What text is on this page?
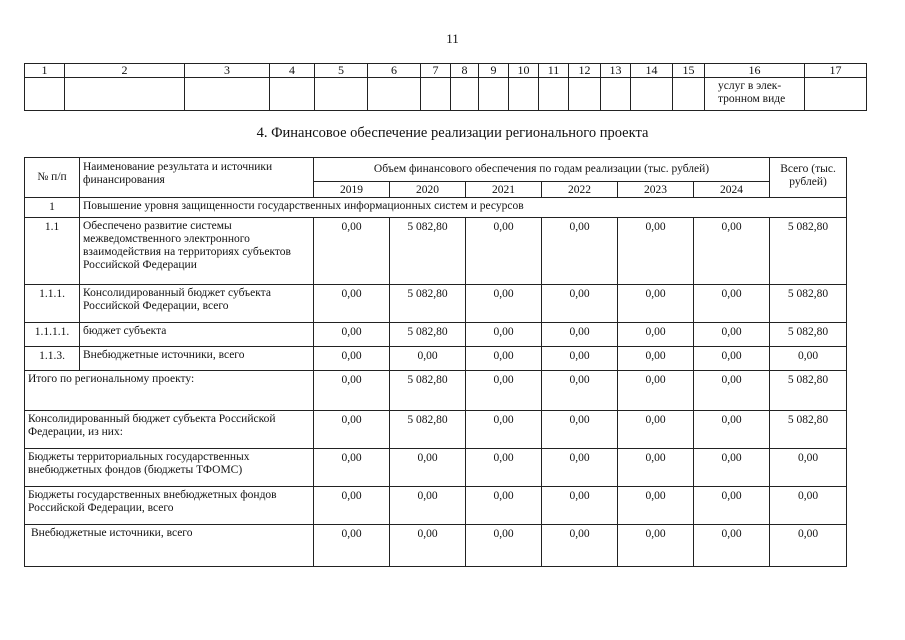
11
1	2	3	4	5	6	7	8	9	10	11	12	13	14	15	16	17
															услуг в элек-
тронном виде	
4. Финансовое обеспечение реализации регионального проекта
№ п/п	Наименование результата и источники финансирования	Объем финансового обеспечения по годам реализации (тыс. рублей)						Всего (тыс. рублей)
		2019	2020	2021	2022	2023	2024	
1	Повышение уровня защищенности государственных информационных систем и ресурсов							
1.1	Обеспечено развитие системы межведомственного электронного взаимодействия на территориях субъектов Российской Федерации	0,00	5 082,80	0,00	0,00	0,00	0,00	5 082,80
1.1.1.	Консолидированный бюджет субъекта Российской Федерации, всего	0,00	5 082,80	0,00	0,00	0,00	0,00	5 082,80
1.1.1.1.	бюджет субъекта	0,00	5 082,80	0,00	0,00	0,00	0,00	5 082,80
1.1.3.	Внебюджетные источники, всего	0,00	0,00	0,00	0,00	0,00	0,00	0,00
Итого по региональному проекту:		0,00	5 082,80	0,00	0,00	0,00	0,00	5 082,80
Консолидированный бюджет субъекта Российской Федерации, из них:		0,00	5 082,80	0,00	0,00	0,00	0,00	5 082,80
Бюджеты территориальных государственных внебюджетных фондов (бюджеты ТФОМС)		0,00	0,00	0,00	0,00	0,00	0,00	0,00
Бюджеты государственных внебюджетных фондов Российской Федерации, всего		0,00	0,00	0,00	0,00	0,00	0,00	0,00
Внебюджетные источники, всего		0,00	0,00	0,00	0,00	0,00	0,00	0,00
